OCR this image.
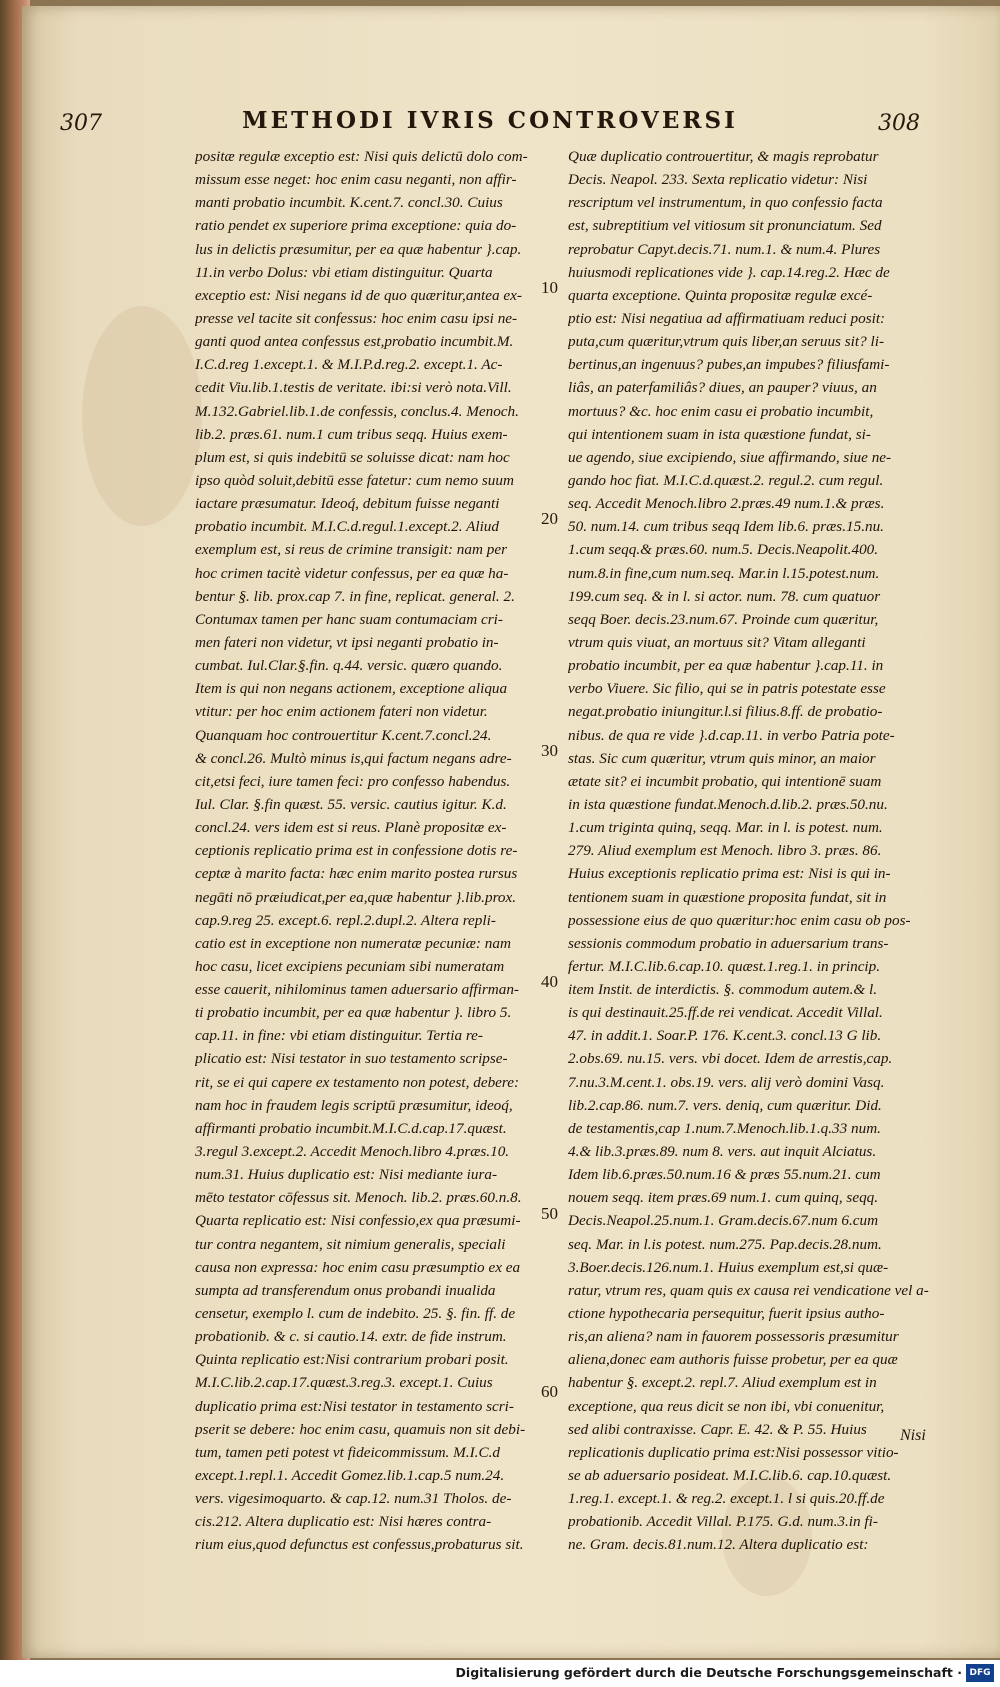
307	METHODI IVRIS CONTROVERSI	308
positæ regulæ exceptio est: Nisi quis delictū dolo com-
missum esse neget: hoc enim casu neganti, non affir-
manti probatio incumbit. K.cent.7. concl.30. Cuius
ratio pendet ex superiore prima exceptione: quia do-
lus in delictis præsumitur, per ea quæ habentur }.cap.
11.in verbo Dolus: vbi etiam distinguitur. Quarta
exceptio est: Nisi negans id de quo quæritur,antea ex-
presse vel tacite sit confessus: hoc enim casu ipsi ne-
ganti quod antea confessus est,probatio incumbit.M.
I.C.d.reg 1.except.1. & M.I.P.d.reg.2. except.1. Ac-
cedit Viu.lib.1.testis de veritate. ibi:si verò nota.Vill.
M.132.Gabriel.lib.1.de confessis, conclus.4. Menoch.
lib.2. præs.61. num.1 cum tribus seqq. Huius exem-
plum est, si quis indebitū se soluisse dicat: nam hoc
ipso quòd soluit,debitū esse fatetur: cum nemo suum
iactare præsumatur. Ideoq́, debitum fuisse neganti
probatio incumbit. M.I.C.d.regul.1.except.2. Aliud
exemplum est, si reus de crimine transigit: nam per
hoc crimen tacitè videtur confessus, per ea quæ ha-
bentur §. lib. prox.cap 7. in fine, replicat. general. 2.
Contumax tamen per hanc suam contumaciam cri-
men fateri non videtur, vt ipsi neganti probatio in-
cumbat. Iul.Clar.§.fin. q.44. versic. quæro quando.
Item is qui non negans actionem, exceptione aliqua
vtitur: per hoc enim actionem fateri non videtur.
Quanquam hoc controuertitur K.cent.7.concl.24.
& concl.26. Multò minus is,qui factum negans adre-
cit,etsi feci, iure tamen feci: pro confesso habendus.
Iul. Clar. §.fin quæst. 55. versic. cautius igitur. K.d.
concl.24. vers idem est si reus. Planè propositæ ex-
ceptionis replicatio prima est in confessione dotis re-
ceptæ à marito facta: hæc enim marito postea rursus
negāti nō præiudicat,per ea,quæ habentur }.lib.prox.
cap.9.reg 25. except.6. repl.2.dupl.2. Altera repli-
catio est in exceptione non numeratæ pecuniæ: nam
hoc casu, licet excipiens pecuniam sibi numeratam
esse cauerit, nihilominus tamen aduersario affirman-
ti probatio incumbit, per ea quæ habentur }. libro 5.
cap.11. in fine: vbi etiam distinguitur. Tertia re-
plicatio est: Nisi testator in suo testamento scripse-
rit, se ei qui capere ex testamento non potest, debere:
nam hoc in fraudem legis scriptū præsumitur, ideoq́,
affirmanti probatio incumbit.M.I.C.d.cap.17.quæst.
3.regul 3.except.2. Accedit Menoch.libro 4.præs.10.
num.31. Huius duplicatio est: Nisi mediante iura-
mēto testator cōfessus sit. Menoch. lib.2. præs.60.n.8.
Quarta replicatio est: Nisi confessio,ex qua præsumi-
tur contra negantem, sit nimium generalis, speciali
causa non expressa: hoc enim casu præsumptio ex ea
sumpta ad transferendum onus probandi inualida
censetur, exemplo l. cum de indebito. 25. §. fin. ff. de
probationib. & c. si cautio.14. extr. de fide instrum.
Quinta replicatio est:Nisi contrarium probari posit.
M.I.C.lib.2.cap.17.quæst.3.reg.3. except.1. Cuius
duplicatio prima est:Nisi testator in testamento scri-
pserit se debere: hoc enim casu, quamuis non sit debi-
tum, tamen peti potest vt fideicommissum. M.I.C.d
except.1.repl.1. Accedit Gomez.lib.1.cap.5 num.24.
vers. vigesimoquarto. & cap.12. num.31 Tholos. de-
cis.212. Altera duplicatio est: Nisi hæres contra-
rium eius,quod defunctus est confessus,probaturus sit.
Quæ duplicatio controuertitur, & magis reprobatur
Decis. Neapol. 233. Sexta replicatio videtur: Nisi
rescriptum vel instrumentum, in quo confessio facta
est, subreptitium vel vitiosum sit pronunciatum. Sed
reprobatur Capyt.decis.71. num.1. & num.4. Plures
huiusmodi replicationes vide }. cap.14.reg.2. Hæc de
quarta exceptione. Quinta propositæ regulæ excé-
ptio est: Nisi negatiua ad affirmatiuam reduci posit:
puta,cum quæritur,vtrum quis liber,an seruus sit? li-
bertinus,an ingenuus? pubes,an impubes? filiusfami-
liâs, an paterfamiliâs? diues, an pauper? viuus, an
mortuus? &c. hoc enim casu ei probatio incumbit,
qui intentionem suam in ista quæstione fundat, si-
ue agendo, siue excipiendo, siue affirmando, siue ne-
gando hoc fiat. M.I.C.d.quæst.2. regul.2. cum regul.
seq. Accedit Menoch.libro 2.præs.49 num.1.& præs.
50. num.14. cum tribus seqq Idem lib.6. præs.15.nu.
1.cum seqq.& præs.60. num.5. Decis.Neapolit.400.
num.8.in fine,cum num.seq. Mar.in l.15.potest.num.
199.cum seq. & in l. si actor. num. 78. cum quatuor
seqq Boer. decis.23.num.67. Proinde cum quæritur,
vtrum quis viuat, an mortuus sit? Vitam alleganti
probatio incumbit, per ea quæ habentur }.cap.11. in
verbo Viuere. Sic filio, qui se in patris potestate esse
negat.probatio iniungitur.l.si filius.8.ff. de probatio-
nibus. de qua re vide }.d.cap.11. in verbo Patria pote-
stas. Sic cum quæritur, vtrum quis minor, an maior
ætate sit? ei incumbit probatio, qui intentionē suam
in ista quæstione fundat.Menoch.d.lib.2. præs.50.nu.
1.cum triginta quinq, seqq. Mar. in l. is potest. num.
279. Aliud exemplum est Menoch. libro 3. præs. 86.
Huius exceptionis replicatio prima est: Nisi is qui in-
tentionem suam in quæstione proposita fundat, sit in
possessione eius de quo quæritur:hoc enim casu ob pos-
sessionis commodum probatio in aduersarium trans-
fertur. M.I.C.lib.6.cap.10. quæst.1.reg.1. in princip.
item Instit. de interdictis. §. commodum autem.& l.
is qui destinauit.25.ff.de rei vendicat. Accedit Villal.
47. in addit.1. Soar.P. 176. K.cent.3. concl.13 G lib.
2.obs.69. nu.15. vers. vbi docet. Idem de arrestis,cap.
7.nu.3.M.cent.1. obs.19. vers. alij verò domini Vasq.
lib.2.cap.86. num.7. vers. deniq, cum quæritur. Did.
de testamentis,cap 1.num.7.Menoch.lib.1.q.33 num.
4.& lib.3.præs.89. num 8. vers. aut inquit Alciatus.
Idem lib.6.præs.50.num.16 & præs 55.num.21. cum
nouem seqq. item præs.69 num.1. cum quinq, seqq.
Decis.Neapol.25.num.1. Gram.decis.67.num 6.cum
seq. Mar. in l.is potest. num.275. Pap.decis.28.num.
3.Boer.decis.126.num.1. Huius exemplum est,si quæ-
ratur, vtrum res, quam quis ex causa rei vendicatione vel a-
ctione hypothecaria persequitur, fuerit ipsius autho-
ris,an aliena? nam in fauorem possessoris præsumitur
aliena,donec eam authoris fuisse probetur, per ea quæ
habentur §. except.2. repl.7. Aliud exemplum est in
exceptione, qua reus dicit se non ibi, vbi conuenitur,
sed alibi contraxisse. Capr. E. 42. & P. 55. Huius
replicationis duplicatio prima est:Nisi possessor vitio-
se ab aduersario posideat. M.I.C.lib.6. cap.10.quæst.
1.reg.1. except.1. & reg.2. except.1. l si quis.20.ff.de
probationib. Accedit Villal. P.175. G.d. num.3.in fi-
ne. Gram. decis.81.num.12. Altera duplicatio est:
10
20
30
40
50
60
Nisi
Digitalisierung gefördert durch die Deutsche Forschungsgemeinschaft · DFG
